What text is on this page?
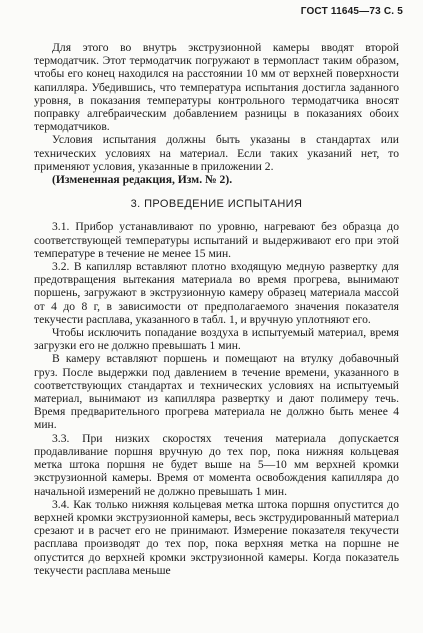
ГОСТ 11645—73 С. 5

Для этого во внутрь экструзионной камеры вводят второй термодатчик. Этот термодатчик погружают в термопласт таким образом, чтобы его конец находился на расстоянии 10 мм от верхней поверхности капилляра. Убедившись, что температура испытания достигла заданного уровня, в показания температуры контрольного термодатчика вносят поправку алгебраическим добавлением разницы в показаниях обоих термодатчиков.

Условия испытания должны быть указаны в стандартах или технических условиях на материал. Если таких указаний нет, то применяют условия, указанные в приложении 2.

(Измененная редакция, Изм. № 2).

3. ПРОВЕДЕНИЕ ИСПЫТАНИЯ

3.1. Прибор устанавливают по уровню, нагревают без образца до соответствующей температуры испытаний и выдерживают его при этой температуре в течение не менее 15 мин.

3.2. В капилляр вставляют плотно входящую медную развертку для предотвращения вытекания материала во время прогрева, вынимают поршень, загружают в экструзионную камеру образец материала массой от 4 до 8 г, в зависимости от предполагаемого значения показателя текучести расплава, указанного в табл. 1, и вручную уплотняют его.

Чтобы исключить попадание воздуха в испытуемый материал, время загрузки его не должно превышать 1 мин.

В камеру вставляют поршень и помещают на втулку добавочный груз. После выдержки под давлением в течение времени, указанного в соответствующих стандартах и технических условиях на испытуемый материал, вынимают из капилляра развертку и дают полимеру течь. Время предварительного прогрева материала не должно быть менее 4 мин.

3.3. При низких скоростях течения материала допускается продавливание поршня вручную до тех пор, пока нижняя кольцевая метка штока поршня не будет выше на 5—10 мм верхней кромки экструзионной камеры. Время от момента освобождения капилляра до начальной измерений не должно превышать 1 мин.

3.4. Как только нижняя кольцевая метка штока поршня опустится до верхней кромки экструзионной камеры, весь экструдированный материал срезают и в расчет его не принимают. Измерение показателя текучести расплава производят до тех пор, пока верхняя метка на поршне не опустится до верхней кромки экструзионной камеры. Когда показатель текучести расплава меньше
